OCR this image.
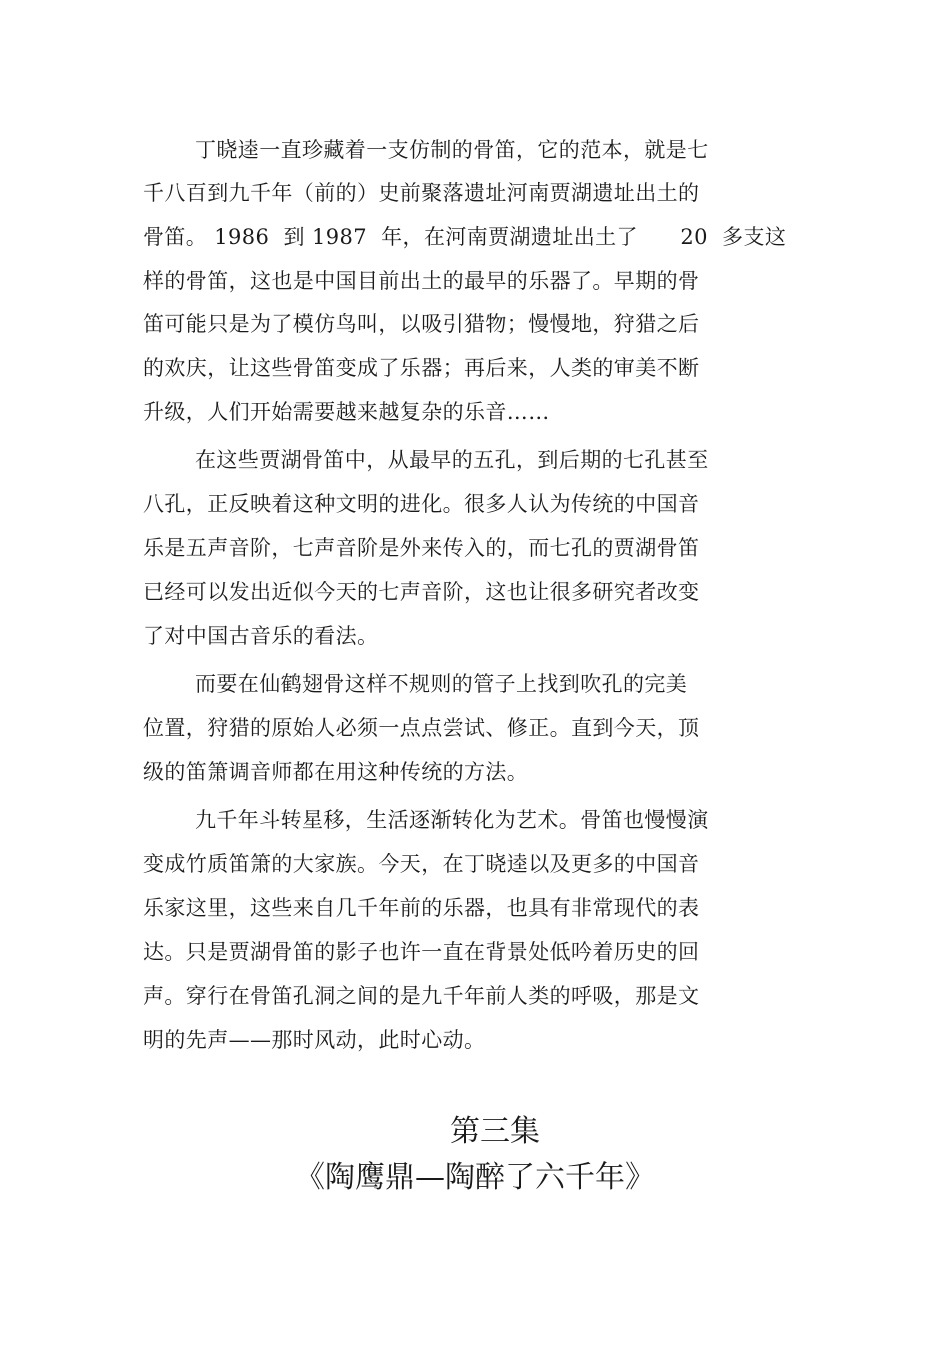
丁晓逵一直珍藏着一支仿制的骨笛，它的范本，就是七
千八百到九千年（前的）史前聚落遗址河南贾湖遗址出土的
骨笛。 1986  到 1987  年，在河南贾湖遗址出土了      20  多支这
样的骨笛，这也是中国目前出土的最早的乐器了。早期的骨
笛可能只是为了模仿鸟叫，以吸引猎物；慢慢地，狩猎之后
的欢庆，让这些骨笛变成了乐器；再后来，人类的审美不断
升级，人们开始需要越来越复杂的乐音……
在这些贾湖骨笛中，从最早的五孔，到后期的七孔甚至
八孔，正反映着这种文明的进化。很多人认为传统的中国音
乐是五声音阶，七声音阶是外来传入的，而七孔的贾湖骨笛
已经可以发出近似今天的七声音阶，这也让很多研究者改变
了对中国古音乐的看法。
而要在仙鹤翅骨这样不规则的管子上找到吹孔的完美
位置，狩猎的原始人必须一点点尝试、修正。直到今天，顶
级的笛箫调音师都在用这种传统的方法。
九千年斗转星移，生活逐渐转化为艺术。骨笛也慢慢演
变成竹质笛箫的大家族。今天，在丁晓逵以及更多的中国音
乐家这里，这些来自几千年前的乐器，也具有非常现代的表
达。只是贾湖骨笛的影子也许一直在背景处低吟着历史的回
声。穿行在骨笛孔洞之间的是九千年前人类的呼吸，那是文
明的先声——那时风动，此时心动。
第三集
《陶鹰鼎—陶醉了六千年》
